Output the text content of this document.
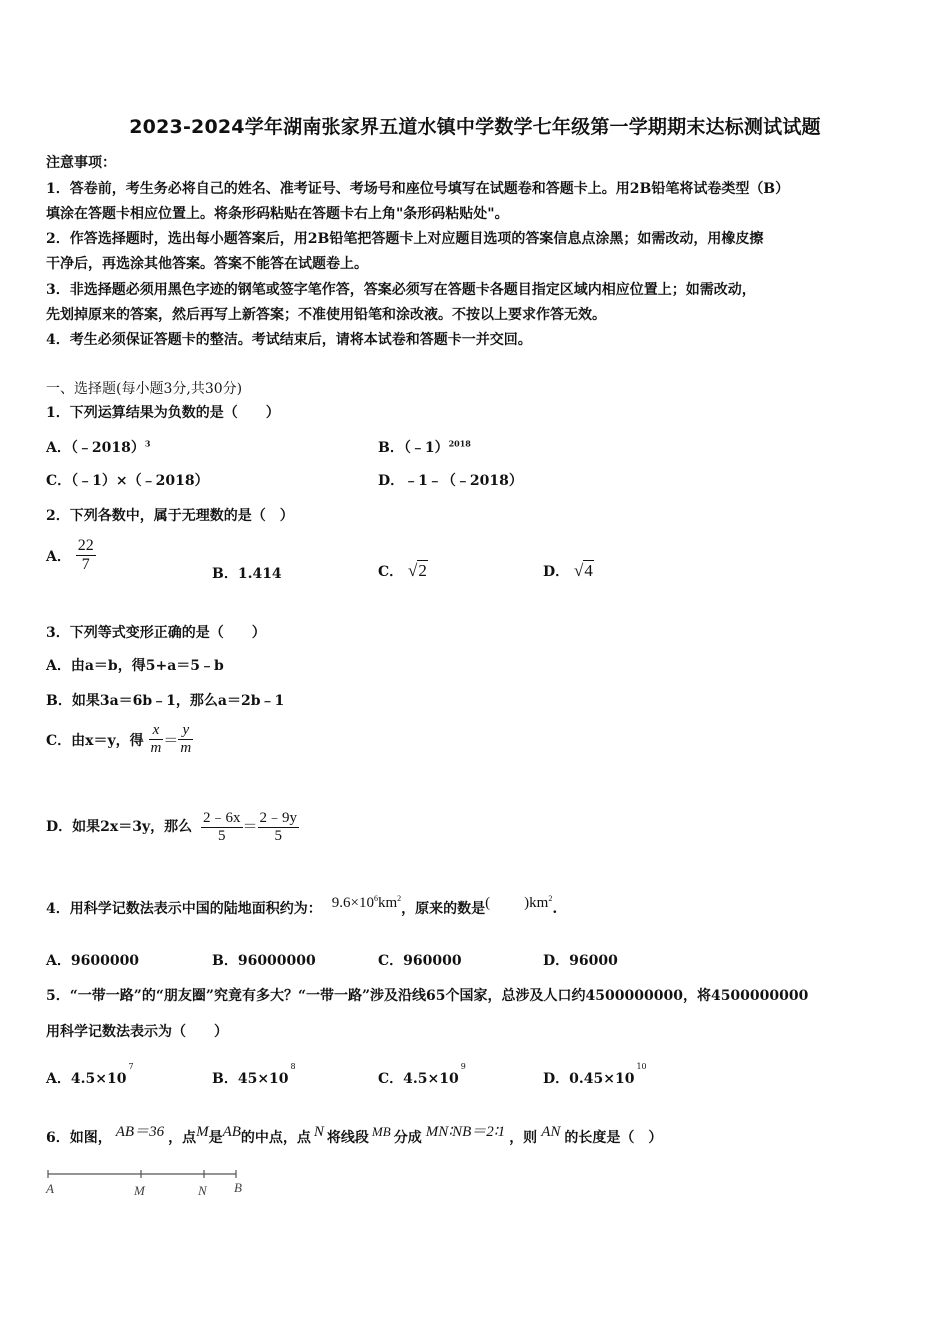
2023-2024学年湖南张家界五道水镇中学数学七年级第一学期期末达标测试试题
注意事项：
1．答卷前，考生务必将自己的姓名、准考证号、考场号和座位号填写在试题卷和答题卡上。用2B铅笔将试卷类型（B）
填涂在答题卡相应位置上。将条形码粘贴在答题卡右上角"条形码粘贴处"。
2．作答选择题时，选出每小题答案后，用2B铅笔把答题卡上对应题目选项的答案信息点涂黑；如需改动，用橡皮擦
干净后，再选涂其他答案。答案不能答在试题卷上。
3．非选择题必须用黑色字迹的钢笔或签字笔作答，答案必须写在答题卡各题目指定区域内相应位置上；如需改动，
先划掉原来的答案，然后再写上新答案；不准使用铅笔和涂改液。不按以上要求作答无效。
4．考生必须保证答题卡的整洁。考试结束后，请将本试卷和答题卡一并交回。
一、选择题(每小题3分,共30分)
1．下列运算结果为负数的是（　　）
A．（﹣2018）$^3$	B．（﹣1）$^{2018}$
C．（﹣1）×（﹣2018）	D．﹣1﹣（﹣2018）
2．下列各数中，属于无理数的是（　）
A． $\frac{22}{7}$	B．1.414	C． √2	D． √4
3．下列等式变形正确的是（　　）
A．由a＝b，得5+a＝5﹣b
B．如果3a＝6b﹣1，那么a＝2b﹣1
C．由x＝y，得 $\frac{x}{m} = \frac{y}{m}$
D．如果2x＝3y，那么 $\frac{2﹣6x}{5} = \frac{2﹣9y}{5}$
4．用科学记数法表示中国的陆地面积约为： $9.6\times 10^6km^2$，原来的数是( )$km^2$.
A．9600000	B．96000000	C．960000	D．96000
5．“一带一路”的“朋友圈”究竟有多大？“一带一路”涉及沿线65个国家，总涉及人口约4500000000，将4500000000
用科学记数法表示为（　　）
A．$4.5\times 10^7$
B．$45\times 10^8$
C．$4.5\times 10^9$
D．$0.45\times 10^{10}$
6．如图， AB＝36 ，点M是AB的中点，点 N 将线段 MB 分成 MN∶NB＝2∶1 ，则 AN 的长度是（　）
A	M	N B
